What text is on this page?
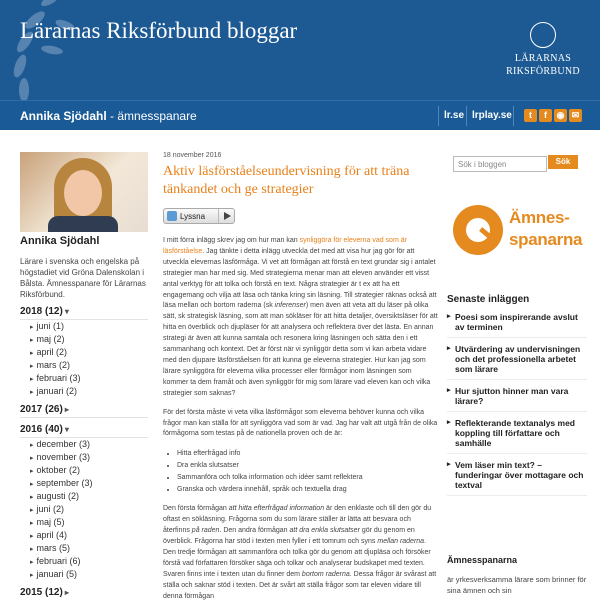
Lärarnas Riksförbund bloggar
LÄRARNAS
RIKSFÖRBUND
Annika Sjödahl - ämnesspanare	lr.se lrplay.se	t	f	◉ ✉
Annika Sjödahl
Lärare i svenska och engelska på högstadiet vid Gröna Dalenskolan i Bålsta. Ämnesspanare för Lärarnas Riksförbund.
2018 (12) ▾
▸ juni (1)
▸ maj (2)
▸ april (2)
▸ mars (2)
▸ februari (3)
▸ januari (2)
2017 (26) ▸
2016 (40) ▾
▸ december (3)
▸ november (3)
▸ oktober (2)
▸ september (3)
▸ augusti (2)
▸ juni (2)
▸ maj (5)
▸ april (4)
▸ mars (5)
▸ februari (6)
▸ januari (5)
2015 (12) ▸
18 november 2016
Aktiv läsförståelseundervisning för att träna tänkandet och ge strategier
Lyssna

I mitt förra inlägg skrev jag om hur man kan synliggöra för eleverna vad som är läsförståelse. Jag tänkte i detta inlägg utveckla det med att visa hur jag gör för att utveckla elevernas läsförmåga. Vi vet att förmågan att förstå en text grundar sig i antalet strategier man har med sig. Med strategierna menar man att eleven använder ett visst antal verktyg för att tolka och förstå en text. Några strategier är t ex att ha ett engagemang och vilja att läsa och tänka kring sin läsning. Till strategier räknas också att läsa mellan och bortom raderna (sk inferenser) men även att veta att du läser på olika sätt, sk strategisk läsning, som att man sökläser för att hitta detaljer, översiktsläser för att hitta en överblick och djupläser för att analysera och reflektera över det lästa. En annan strategi är även att kunna samtala och resonera kring läsningen och sätta den i ett sammanhang och kontext. Det är först när vi synliggör detta som vi kan arbeta vidare med den djupare läsförståelsen för att kunna ge eleverna strategier. Hur kan jag som lärare synliggöra för eleverna vilka processer eller förmågor inom läsningen som kommer ta dem framåt och även synliggör för mig som lärare vad eleven kan och vilka strategier som saknas?

För det första måste vi veta vilka läsförmågor som eleverna behöver kunna och vilka frågor man kan ställa för att synliggöra vad som är vad. Jag har valt att utgå från de olika förmågorna som testas på de nationella proven och de är:

• Hitta efterfrågad info
• Dra enkla slutsatser
• Sammanföra och tolka information och idéer samt reflektera
• Granska och värdera innehåll, språk och textuella drag

Den första förmågan att hitta efterfrågad information är den enklaste och till den gör du oftast en sökläsning. Frågorna som du som lärare ställer är lätta att besvara och återfinns på raden. Den andra förmågan att dra enkla slutsatser gör du genom en överblick. Frågorna har stöd i texten men fyller i ett tomrum och syns mellan raderna. Den tredje förmågan att sammanföra och tolka gör du genom att djupläsa och försöker förstå vad författaren försöker säga och tolkar och analyserar budskapet med texten. Svaren finns inte i texten utan du finner dem bortom raderna. Dessa frågor är svårast att ställa och saknar stöd i texten. Det är svårt att ställa frågor som tar eleven vidare till denna förmågan

Sök i bloggen	Sök
Ämnes-
spanarna
Senaste inläggen
▸ Poesi som inspirerande avslut av terminen
▸ Utvärdering av undervisningen och det professionella arbetet som lärare
▸ Hur sjutton hinner man vara lärare?
▸ Reflekterande textanalys med koppling till författare och samhälle
▸ Vem läser min text? – funderingar över mottagare och textval
Ämnesspanarna
är yrkesverksamma lärare som brinner för sina ämnen och sin
